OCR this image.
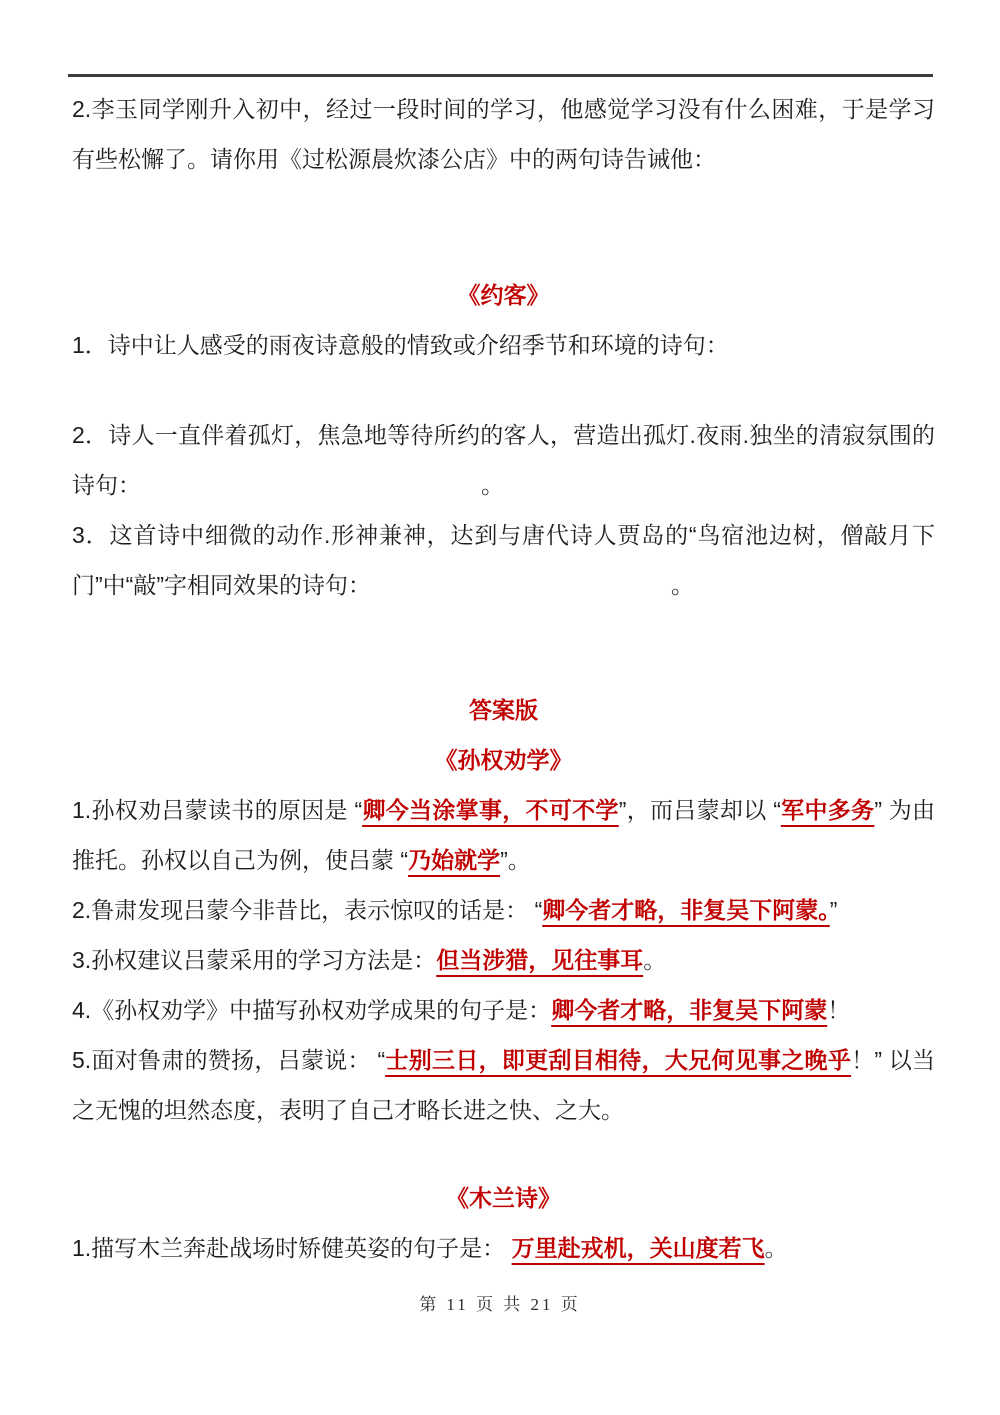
2.李玉同学刚升入初中，经过一段时间的学习，他感觉学习没有什么困难，于是学习有些松懈了。请你用《过松源晨炊漆公店》中的两句诗告诫他：

《约客》

1．诗中让人感受的雨夜诗意般的情致或介绍季节和环境的诗句：

2．诗人一直伴着孤灯，焦急地等待所约的客人，营造出孤灯.夜雨.独坐的清寂氛围的诗句：	。

3．这首诗中细微的动作.形神兼神，达到与唐代诗人贾岛的“鸟宿池边树，僧敲月下门”中“敲”字相同效果的诗句：	。

答案版

《孙权劝学》

1.孙权劝吕蒙读书的原因是 “卿今当涂掌事，不可不学”，而吕蒙却以 “军中多务” 为由推托。孙权以自己为例，使吕蒙 “乃始就学”。

2.鲁肃发现吕蒙今非昔比，表示惊叹的话是： “卿今者才略，非复吴下阿蒙。”

3.孙权建议吕蒙采用的学习方法是：但当涉猎，见往事耳。

4.《孙权劝学》中描写孙权劝学成果的句子是：卿今者才略，非复吴下阿蒙！

5.面对鲁肃的赞扬，吕蒙说： “士别三日，即更刮目相待，大兄何见事之晚乎！” 以当之无愧的坦然态度，表明了自己才略长进之快、之大。

《木兰诗》

1.描写木兰奔赴战场时矫健英姿的句子是： 万里赴戎机，关山度若飞。

第 11 页 共 21 页
